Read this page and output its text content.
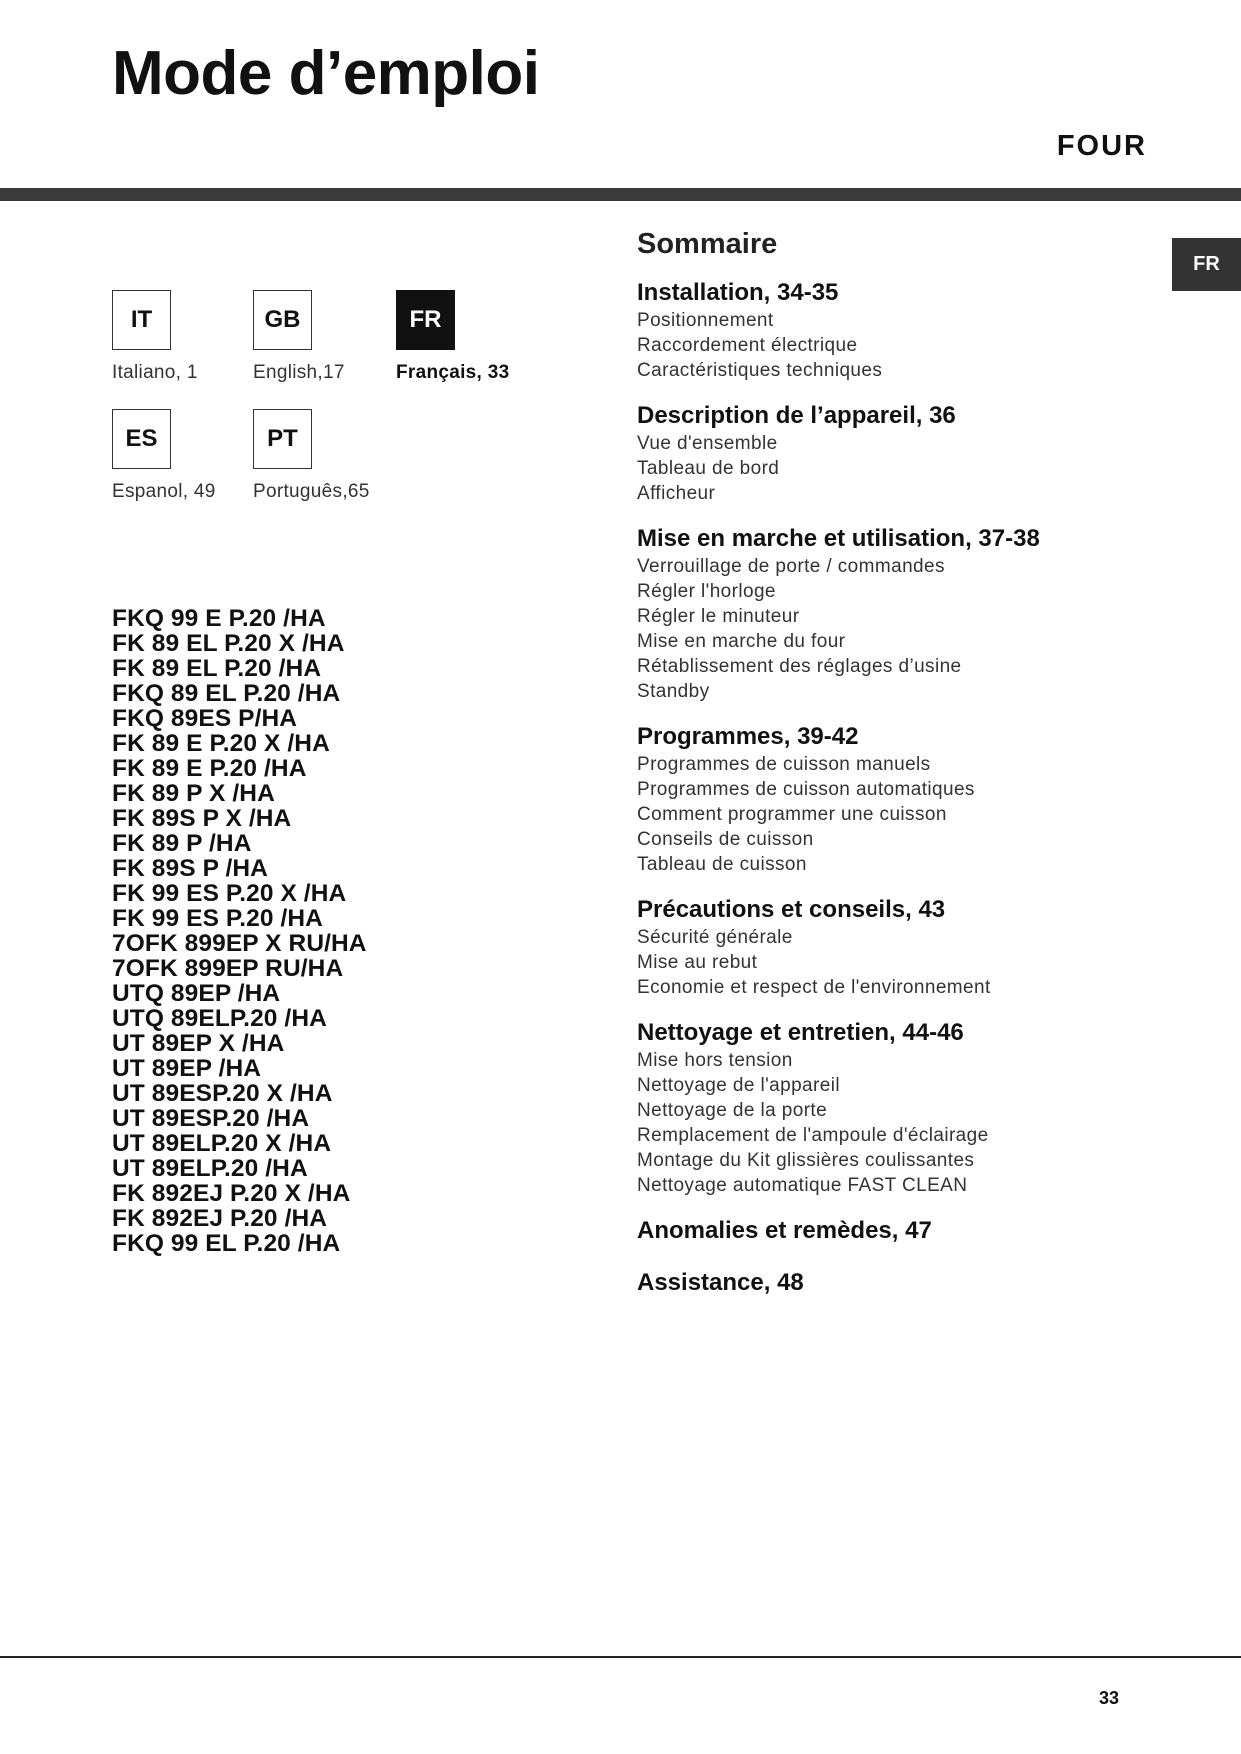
Mode d’emploi
FOUR
FR
IT
Italiano, 1
GB
English,17
FR
Français, 33
ES
Espanol, 49
PT
Português,65
FKQ 99 E P.20 /HA
FK 89 EL P.20 X /HA
FK 89 EL P.20 /HA
FKQ 89 EL P.20 /HA
FKQ 89ES P/HA
FK 89 E P.20 X /HA
FK 89 E P.20 /HA
FK 89 P X /HA
FK 89S P X /HA
FK 89 P /HA
FK 89S P /HA
FK 99 ES P.20 X /HA
FK 99 ES P.20 /HA
7OFK 899EP X RU/HA
7OFK 899EP RU/HA
UTQ 89EP /HA
UTQ 89ELP.20 /HA
UT 89EP X /HA
UT 89EP /HA
UT 89ESP.20 X /HA
UT 89ESP.20 /HA
UT 89ELP.20 X /HA
UT 89ELP.20 /HA
FK 892EJ P.20 X /HA
FK 892EJ P.20 /HA
FKQ 99 EL P.20 /HA
Sommaire
Installation, 34-35
Positionnement
Raccordement électrique
Caractéristiques techniques
Description de l’appareil, 36
Vue d'ensemble
Tableau de bord
Afficheur
Mise en marche et utilisation, 37-38
Verrouillage de porte / commandes
Régler l'horloge
Régler le minuteur
Mise en marche du four
Rétablissement des réglages d’usine
Standby
Programmes, 39-42
Programmes de cuisson manuels
Programmes de cuisson automatiques
Comment programmer une cuisson
Conseils de cuisson
Tableau de cuisson
Précautions et conseils, 43
Sécurité générale
Mise au rebut
Economie et respect de l'environnement
Nettoyage et entretien, 44-46
Mise hors tension
Nettoyage de l'appareil
Nettoyage de la porte
Remplacement de l'ampoule d'éclairage
Montage du Kit glissières coulissantes
Nettoyage automatique FAST CLEAN
Anomalies et remèdes, 47
Assistance, 48
33
